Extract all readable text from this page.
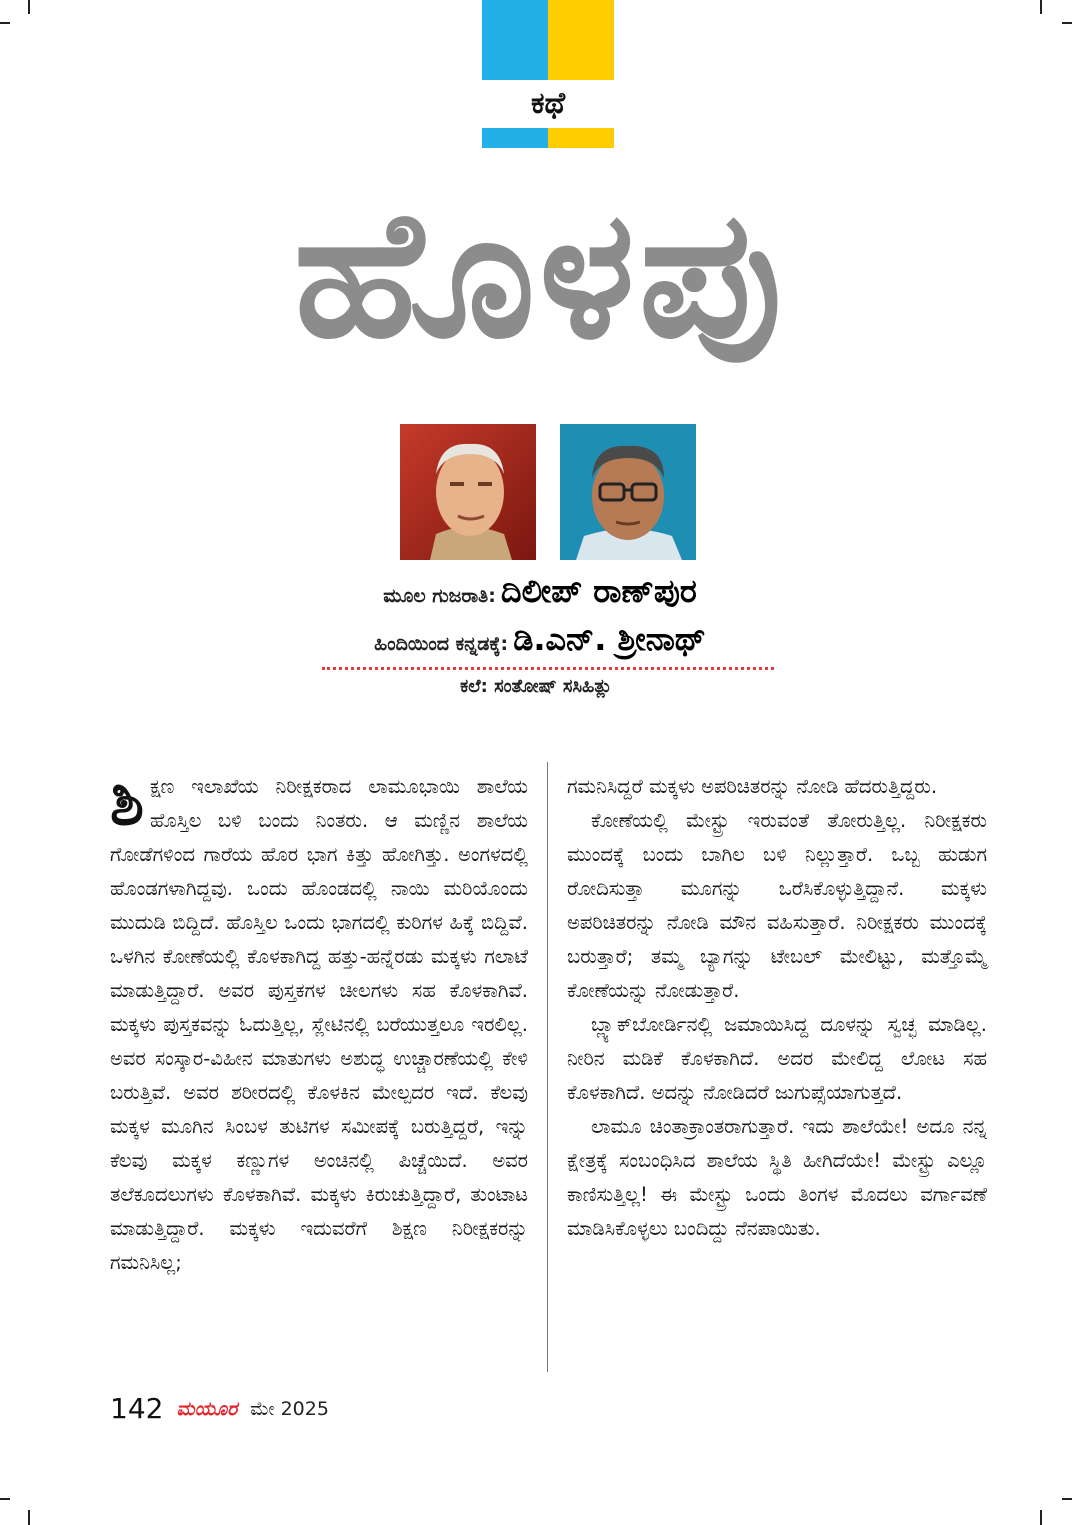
ಕಥೆ
ಹೊಳಪು
ಮೂಲ ಗುಜರಾತಿ: ದಿಲೀಪ್ ರಾಣ್‌ಪುರ
ಹಿಂದಿಯಿಂದ ಕನ್ನಡಕ್ಕೆ: ಡಿ.ಎನ್. ಶ್ರೀನಾಥ್
ಕಲೆ: ಸಂತೋಷ್ ಸಸಿಹಿತ್ಲು

ಶಿಕ್ಷಣ ಇಲಾಖೆಯ ನಿರೀಕ್ಷಕರಾದ ಲಾಮೂಭಾಯಿ ಶಾಲೆಯ ಹೊಸ್ತಿಲ ಬಳಿ ಬಂದು ನಿಂತರು. ಆ ಮಣ್ಣಿನ ಶಾಲೆಯ ಗೋಡೆಗಳಿಂದ ಗಾರೆಯ ಹೊರ ಭಾಗ ಕಿತ್ತು ಹೋಗಿತ್ತು. ಅಂಗಳದಲ್ಲಿ ಹೊಂಡಗಳಾಗಿದ್ದವು. ಒಂದು ಹೊಂಡದಲ್ಲಿ ನಾಯಿ ಮರಿಯೊಂದು ಮುದುಡಿ ಬಿದ್ದಿದೆ. ಹೊಸ್ತಿಲ ಒಂದು ಭಾಗದಲ್ಲಿ ಕುರಿಗಳ ಹಿಕ್ಕೆ ಬಿದ್ದಿವೆ. ಒಳಗಿನ ಕೋಣೆಯಲ್ಲಿ ಕೊಳಕಾಗಿದ್ದ ಹತ್ತು-ಹನ್ನೆರಡು ಮಕ್ಕಳು ಗಲಾಟೆ ಮಾಡುತ್ತಿದ್ದಾರೆ. ಅವರ ಪುಸ್ತಕಗಳ ಚೀಲಗಳು ಸಹ ಕೊಳಕಾಗಿವೆ. ಮಕ್ಕಳು ಪುಸ್ತಕವನ್ನು ಓದುತ್ತಿಲ್ಲ, ಸ್ಲೇಟಿನಲ್ಲಿ ಬರೆಯುತ್ತಲೂ ಇರಲಿಲ್ಲ. ಅವರ ಸಂಸ್ಕಾರ-ವಿಹೀನ ಮಾತುಗಳು ಅಶುದ್ಧ ಉಚ್ಚಾರಣೆಯಲ್ಲಿ ಕೇಳಿ ಬರುತ್ತಿವೆ. ಅವರ ಶರೀರದಲ್ಲಿ ಕೊಳಕಿನ ಮೇಲ್ಪದರ ಇದೆ. ಕೆಲವು ಮಕ್ಕಳ ಮೂಗಿನ ಸಿಂಬಳ ತುಟಿಗಳ ಸಮೀಪಕ್ಕೆ ಬರುತ್ತಿದ್ದರೆ, ಇನ್ನು ಕೆಲವು ಮಕ್ಕಳ ಕಣ್ಣುಗಳ ಅಂಚಿನಲ್ಲಿ ಪಿಚ್ಚೆಯಿದೆ. ಅವರ ತಲೆಕೂದಲುಗಳು ಕೊಳಕಾಗಿವೆ. ಮಕ್ಕಳು ಕಿರುಚುತ್ತಿದ್ದಾರೆ, ತುಂಟಾಟ ಮಾಡುತ್ತಿದ್ದಾರೆ. ಮಕ್ಕಳು ಇದುವರೆಗೆ ಶಿಕ್ಷಣ ನಿರೀಕ್ಷಕರನ್ನು ಗಮನಿಸಿಲ್ಲ;

ಗಮನಿಸಿದ್ದರೆ ಮಕ್ಕಳು ಅಪರಿಚಿತರನ್ನು ನೋಡಿ ಹೆದರುತ್ತಿದ್ದರು.

ಕೋಣೆಯಲ್ಲಿ ಮೇಸ್ಟ್ರು ಇರುವಂತೆ ತೋರುತ್ತಿಲ್ಲ. ನಿರೀಕ್ಷಕರು ಮುಂದಕ್ಕೆ ಬಂದು ಬಾಗಿಲ ಬಳಿ ನಿಲ್ಲುತ್ತಾರೆ. ಒಬ್ಬ ಹುಡುಗ ರೋದಿಸುತ್ತಾ ಮೂಗನ್ನು ಒರೆಸಿಕೊಳ್ಳುತ್ತಿದ್ದಾನೆ. ಮಕ್ಕಳು ಅಪರಿಚಿತರನ್ನು ನೋಡಿ ಮೌನ ವಹಿಸುತ್ತಾರೆ. ನಿರೀಕ್ಷಕರು ಮುಂದಕ್ಕೆ ಬರುತ್ತಾರೆ; ತಮ್ಮ ಬ್ಯಾಗನ್ನು ಟೇಬಲ್ ಮೇಲಿಟ್ಟು, ಮತ್ತೊಮ್ಮೆ ಕೋಣೆಯನ್ನು ನೋಡುತ್ತಾರೆ.

ಬ್ಲ್ಯಾಕ್‌ಬೋರ್ಡಿನಲ್ಲಿ ಜಮಾಯಿಸಿದ್ದ ದೂಳನ್ನು ಸ್ವಚ್ಛ ಮಾಡಿಲ್ಲ. ನೀರಿನ ಮಡಿಕೆ ಕೊಳಕಾಗಿದೆ. ಅದರ ಮೇಲಿದ್ದ ಲೋಟ ಸಹ ಕೊಳಕಾಗಿದೆ. ಅದನ್ನು ನೋಡಿದರೆ ಜುಗುಪ್ಸೆಯಾಗುತ್ತದೆ.

ಲಾಮೂ ಚಿಂತಾಕ್ರಾಂತರಾಗುತ್ತಾರೆ. ಇದು ಶಾಲೆಯೇ! ಅದೂ ನನ್ನ ಕ್ಷೇತ್ರಕ್ಕೆ ಸಂಬಂಧಿಸಿದ ಶಾಲೆಯ ಸ್ಥಿತಿ ಹೀಗಿದೆಯೇ! ಮೇಸ್ಟ್ರು ಎಲ್ಲೂ ಕಾಣಿಸುತ್ತಿಲ್ಲ! ಈ ಮೇಸ್ಟ್ರು ಒಂದು ತಿಂಗಳ ಮೊದಲು ವರ್ಗಾವಣೆ ಮಾಡಿಸಿಕೊಳ್ಳಲು ಬಂದಿದ್ದು ನೆನಪಾಯಿತು.

142 ಮಯೂರ ಮೇ 2025
